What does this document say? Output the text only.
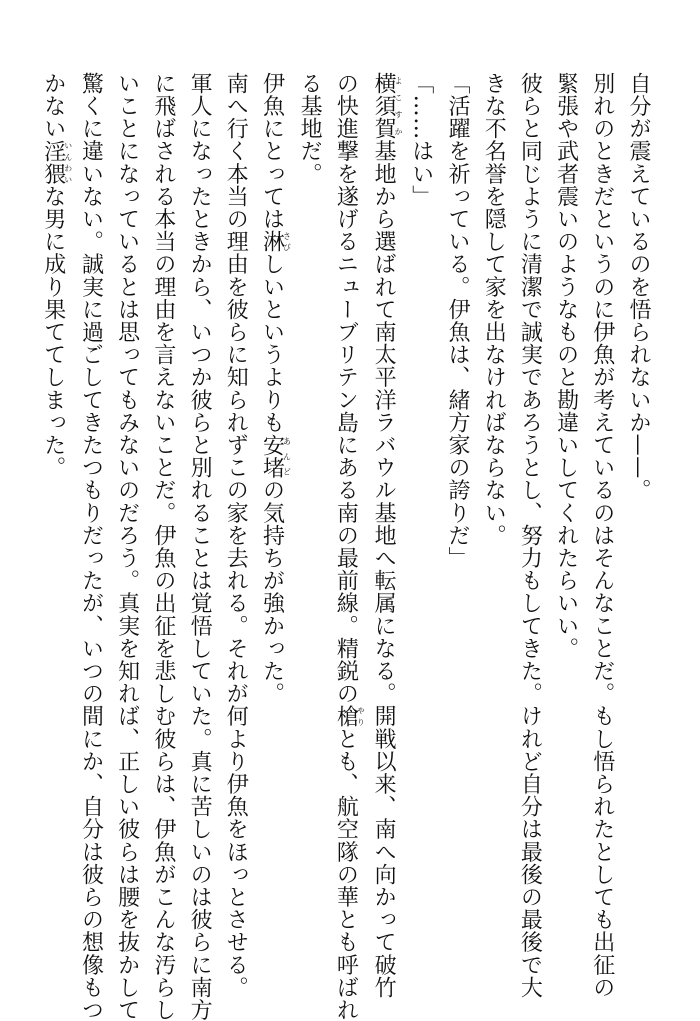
自分が震えているのを悟られないか——。
別れのときだというのに伊魚が考えているのはそんなことだ。もし悟られたとしても出征の
緊張や武者震いのようなものと勘違いしてくれたらいい。
彼らと同じように清潔で誠実であろうとし、努力もしてきた。けれど自分は最後の最後で大
きな不名誉を隠して家を出なければならない。
「活躍を祈っている。伊魚は、緒方家の誇りだ」
「……はい」
横須賀よこすか基地から選ばれて南太平洋ラバウル基地へ転属になる。開戦以来、南へ向かって破竹
の快進撃を遂げるニューブリテン島にある南の最前線。精鋭の槍やりとも、航空隊の華とも呼ばれ
る基地だ。
伊魚にとっては淋さびしいというよりも安堵あんどの気持ちが強かった。
南へ行く本当の理由を彼らに知られずこの家を去れる。それが何より伊魚をほっとさせる。
軍人になったときから、いつか彼らと別れることは覚悟していた。真に苦しいのは彼らに南方
に飛ばされる本当の理由を言えないことだ。伊魚の出征を悲しむ彼らは、伊魚がこんな汚らし
いことになっているとは思ってもみないのだろう。真実を知れば、正しい彼らは腰を抜かして
驚くに違いない。誠実に過ごしてきたつもりだったが、いつの間にか、自分は彼らの想像もつ
かない淫猥いんわいな男に成り果ててしまった。
